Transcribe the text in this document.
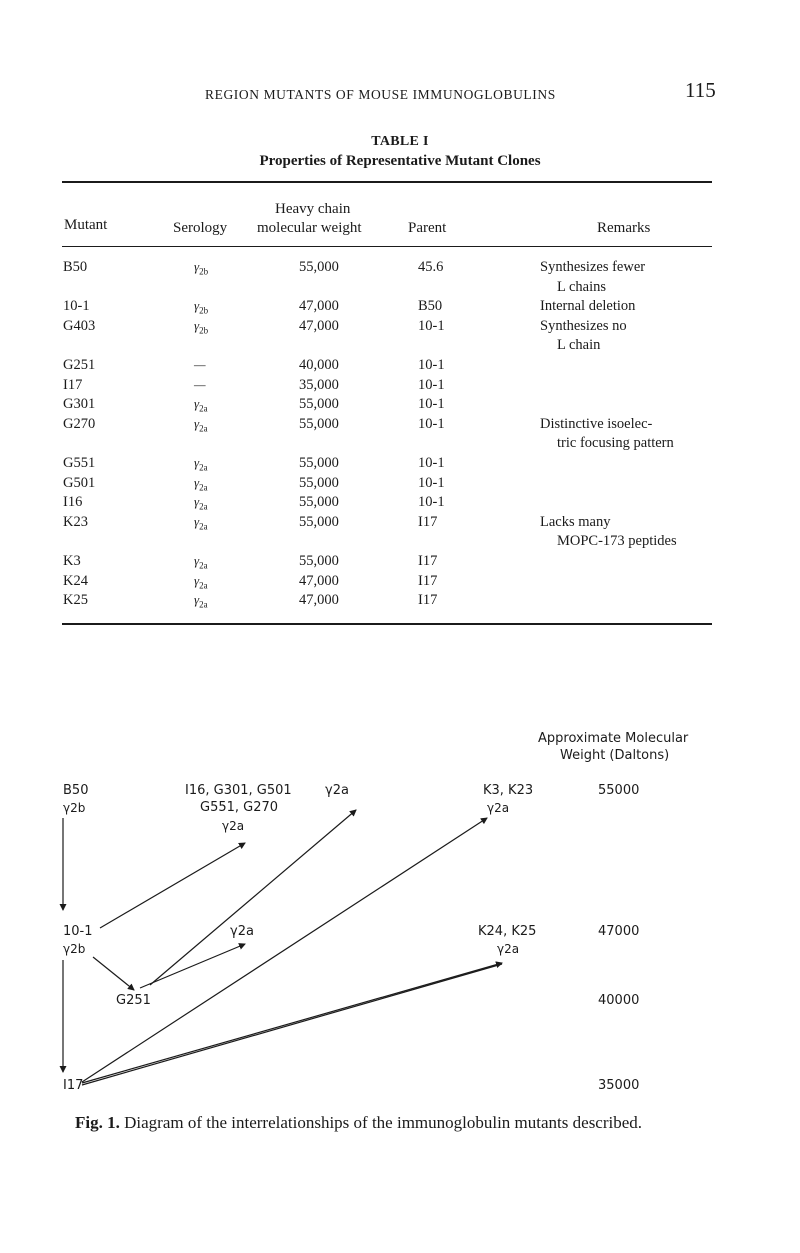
REGION MUTANTS OF MOUSE IMMUNOGLOBULINS	115
TABLE I
Properties of Representative Mutant Clones
Mutant	Serology
Heavy chain
molecular weight	Parent	Remarks
B50	$\gamma_{2b}$	55,000	45.6	Synthesizes fewer
L chains
10-1	$\gamma_{2b}$	47,000	B50	Internal deletion
G403	$\gamma_{2b}$	47,000	10-1	Synthesizes no
L chain
G251	—	40,000	10-1
I17	—	35,000	10-1
G301	$\gamma_{2a}$	55,000	10-1
G270	$\gamma_{2a}$	55,000	10-1	Distinctive isoelec-
tric focusing pattern
G551	$\gamma_{2a}$	55,000	10-1
G501	$\gamma_{2a}$	55,000	10-1
I16	$\gamma_{2a}$	55,000	10-1
K23	$\gamma_{2a}$	55,000	I17	Lacks many
MOPC-173 peptides
K3	$\gamma_{2a}$	55,000	I17
K24	$\gamma_{2a}$	47,000	I17
K25	$\gamma_{2a}$	47,000	I17
Approximate Molecular
Weight (Daltons)
55000
47000
40000
35000
B50
γ2b
I16, G301, G501
G551, G270
γ2a
γ2a	K3, K23
γ2a
10-1
γ2b
γ2a	K24, K25
γ2a
G251
I17
Fig. 1. Diagram of the interrelationships of the immunoglobulin mutants described.
